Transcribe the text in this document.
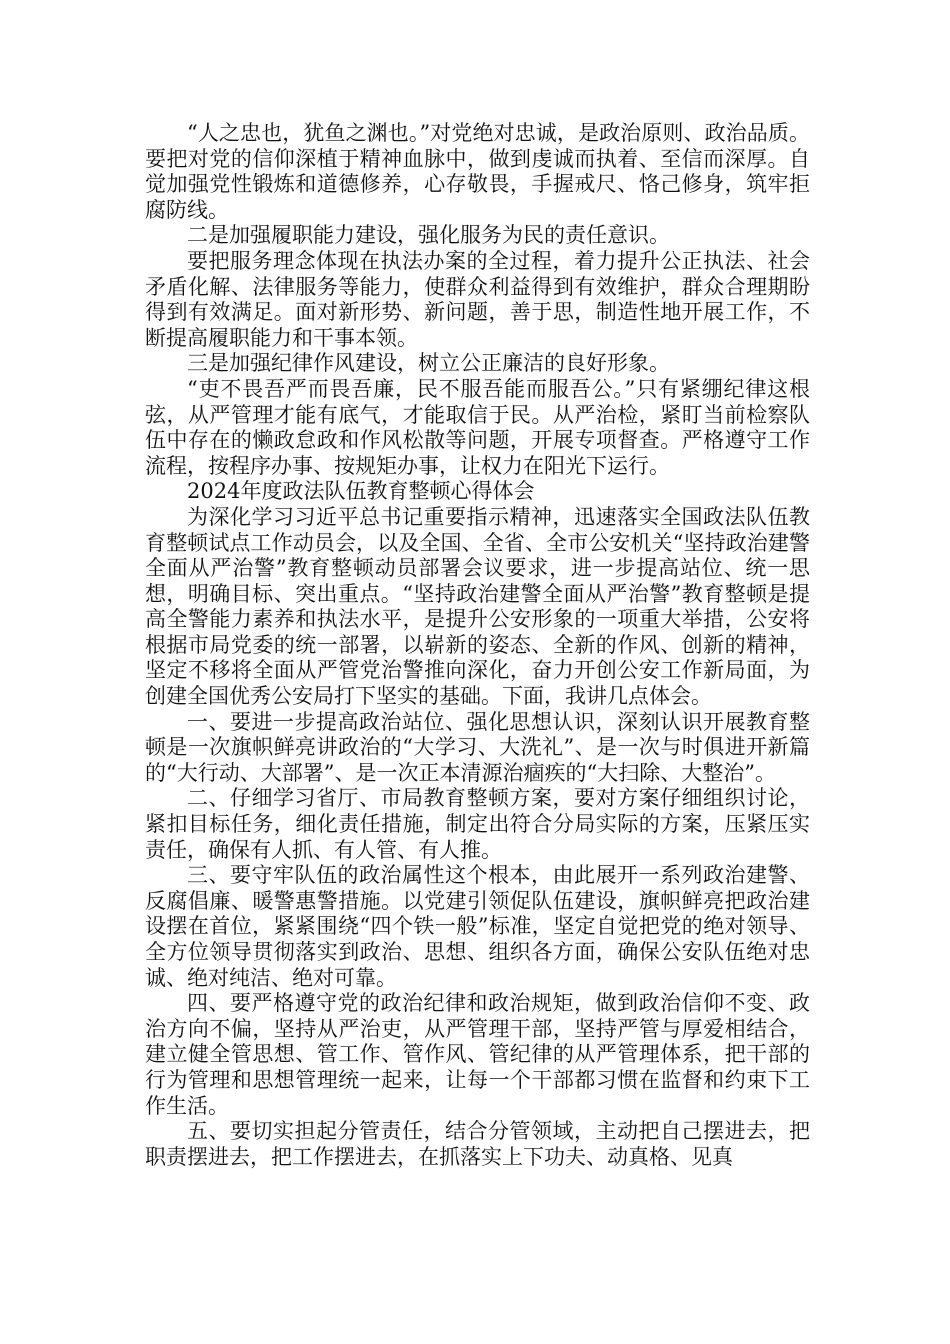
“人之忠也，犹鱼之渊也。”对党绝对忠诚，是政治原则、政治品质。要把对党的信仰深植于精神血脉中，做到虔诚而执着、至信而深厚。自觉加强党性锻炼和道德修养，心存敬畏，手握戒尺、恪己修身，筑牢拒腐防线。

二是加强履职能力建设，强化服务为民的责任意识。

要把服务理念体现在执法办案的全过程，着力提升公正执法、社会矛盾化解、法律服务等能力，使群众利益得到有效维护，群众合理期盼得到有效满足。面对新形势、新问题，善于思，制造性地开展工作，不断提高履职能力和干事本领。

三是加强纪律作风建设，树立公正廉洁的良好形象。

“吏不畏吾严而畏吾廉，民不服吾能而服吾公。”只有紧绷纪律这根弦，从严管理才能有底气，才能取信于民。从严治检，紧盯当前检察队伍中存在的懒政怠政和作风松散等问题，开展专项督查。严格遵守工作流程，按程序办事、按规矩办事，让权力在阳光下运行。

2024年度政法队伍教育整顿心得体会

为深化学习习近平总书记重要指示精神，迅速落实全国政法队伍教育整顿试点工作动员会，以及全国、全省、全市公安机关“坚持政治建警全面从严治警”教育整顿动员部署会议要求，进一步提高站位、统一思想，明确目标、突出重点。“坚持政治建警全面从严治警”教育整顿是提高全警能力素养和执法水平，是提升公安形象的一项重大举措，公安将根据市局党委的统一部署，以崭新的姿态、全新的作风、创新的精神，坚定不移将全面从严管党治警推向深化，奋力开创公安工作新局面，为创建全国优秀公安局打下坚实的基础。下面，我讲几点体会。

一、要进一步提高政治站位、强化思想认识，深刻认识开展教育整顿是一次旗帜鲜亮讲政治的“大学习、大洗礼”、是一次与时俱进开新篇的“大行动、大部署”、是一次正本清源治痼疾的“大扫除、大整治”。

二、仔细学习省厅、市局教育整顿方案，要对方案仔细组织讨论，紧扣目标任务，细化责任措施，制定出符合分局实际的方案，压紧压实责任，确保有人抓、有人管、有人推。

三、要守牢队伍的政治属性这个根本，由此展开一系列政治建警、反腐倡廉、暖警惠警措施。以党建引领促队伍建设，旗帜鲜亮把政治建设摆在首位，紧紧围绕“四个铁一般”标准，坚定自觉把党的绝对领导、全方位领导贯彻落实到政治、思想、组织各方面，确保公安队伍绝对忠诚、绝对纯洁、绝对可靠。

四、要严格遵守党的政治纪律和政治规矩，做到政治信仰不变、政治方向不偏，坚持从严治吏，从严管理干部，坚持严管与厚爱相结合，建立健全管思想、管工作、管作风、管纪律的从严管理体系，把干部的行为管理和思想管理统一起来，让每一个干部都习惯在监督和约束下工作生活。

五、要切实担起分管责任，结合分管领域，主动把自己摆进去，把职责摆进去，把工作摆进去，在抓落实上下功夫、动真格、见真
